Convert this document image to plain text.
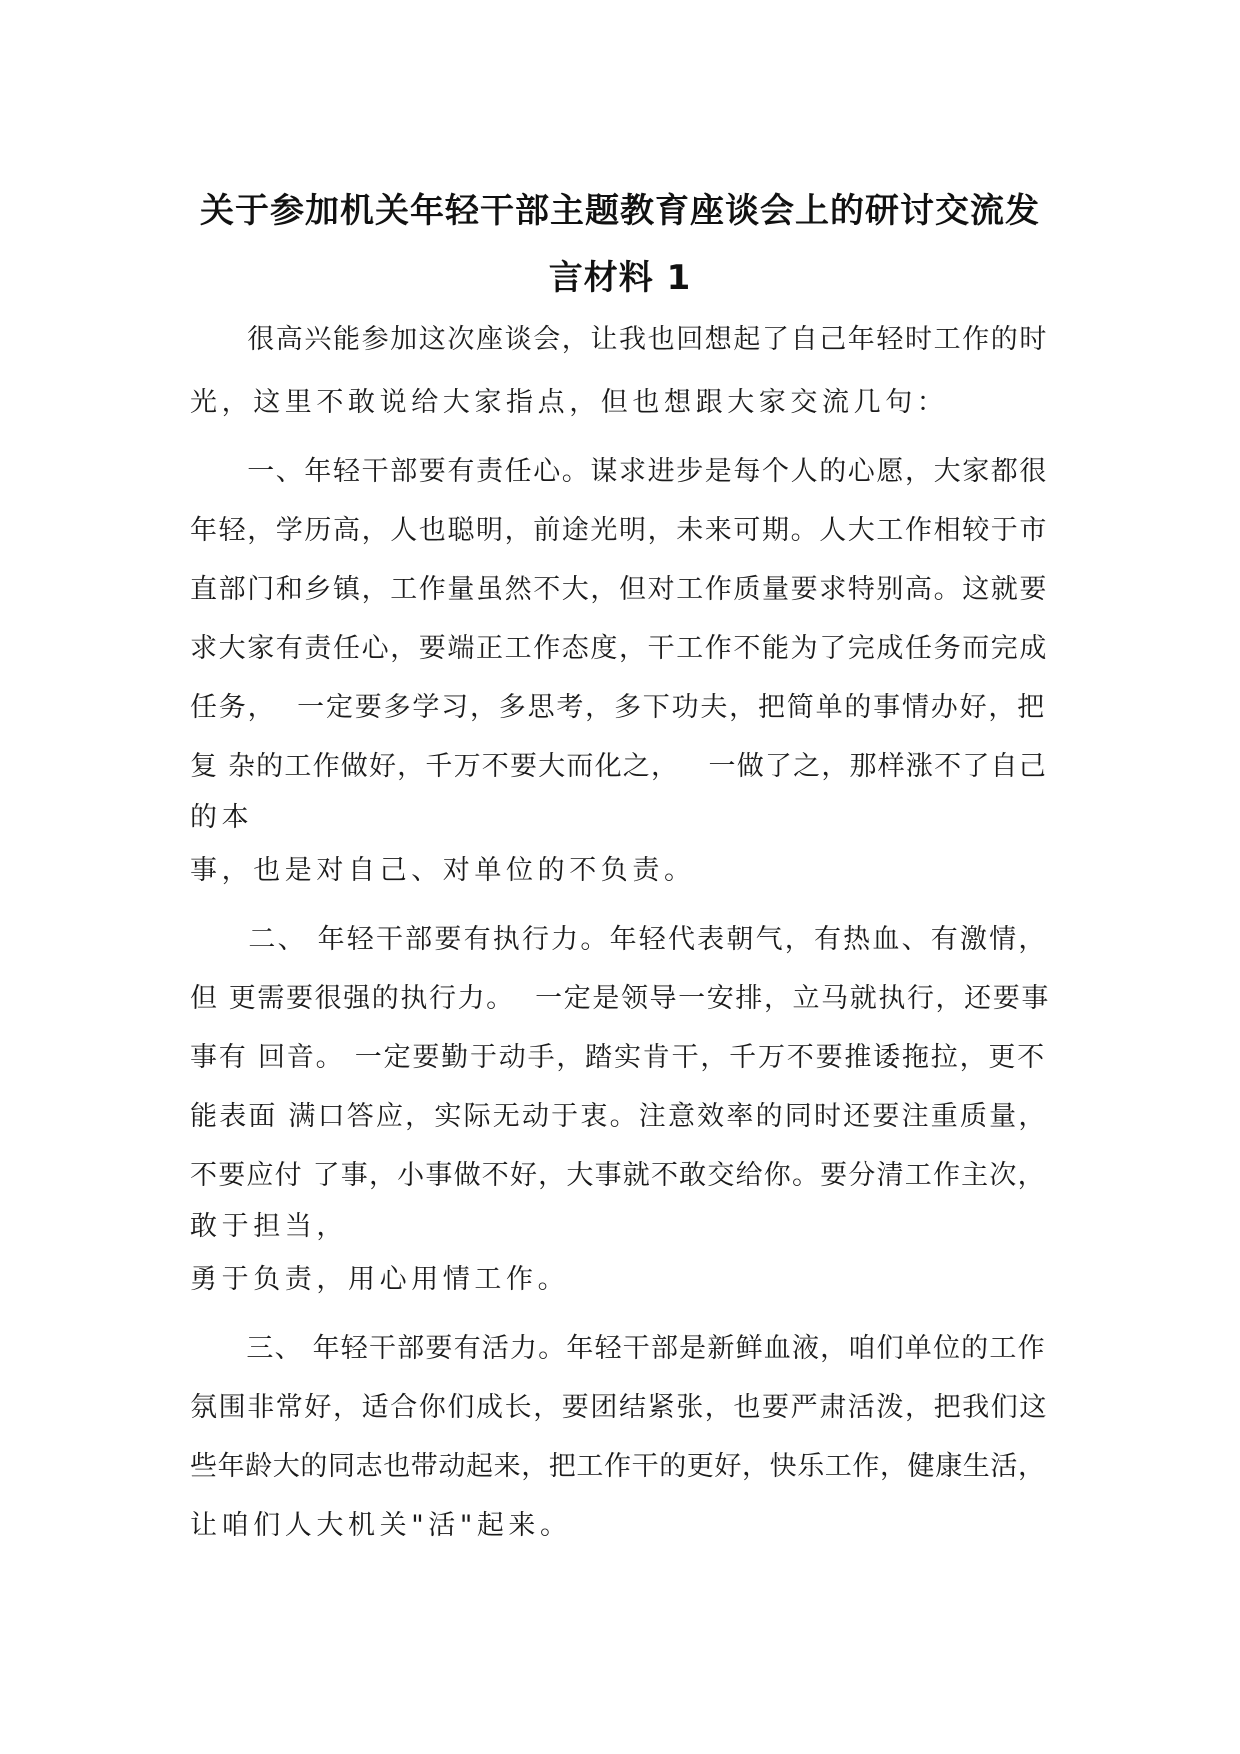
关于参加机关年轻干部主题教育座谈会上的研讨交流发
言材料 1
　　很高兴能参加这次座谈会，让我也回想起了自己年轻时工作的时
光，这里不敢说给大家指点，但也想跟大家交流几句：
　　一、年轻干部要有责任心。谋求进步是每个人的心愿，大家都很
年轻，学历高，人也聪明，前途光明，未来可期。人大工作相较于市
直部门和乡镇，工作量虽然不大，但对工作质量要求特别高。这就要
求大家有责任心，要端正工作态度，干工作不能为了完成任务而完成
任务，  一定要多学习，多思考，多下功夫，把简单的事情办好，把
复 杂的工作做好，千万不要大而化之，   一做了之，那样涨不了自己
的本
事，也是对自己、对单位的不负责。
　　二、 年轻干部要有执行力。年轻代表朝气，有热血、有激情，
但 更需要很强的执行力。  一定是领导一安排，立马就执行，还要事
事有 回音。 一定要勤于动手，踏实肯干，千万不要推诿拖拉，更不
能表面 满口答应，实际无动于衷。注意效率的同时还要注重质量，
不要应付 了事，小事做不好，大事就不敢交给你。要分清工作主次，
敢于担当，
勇于负责，用心用情工作。
　　三、 年轻干部要有活力。年轻干部是新鲜血液，咱们单位的工作
氛围非常好，适合你们成长，要团结紧张，也要严肃活泼，把我们这
些年龄大的同志也带动起来，把工作干的更好，快乐工作，健康生活，
让咱们人大机关"活"起来。
